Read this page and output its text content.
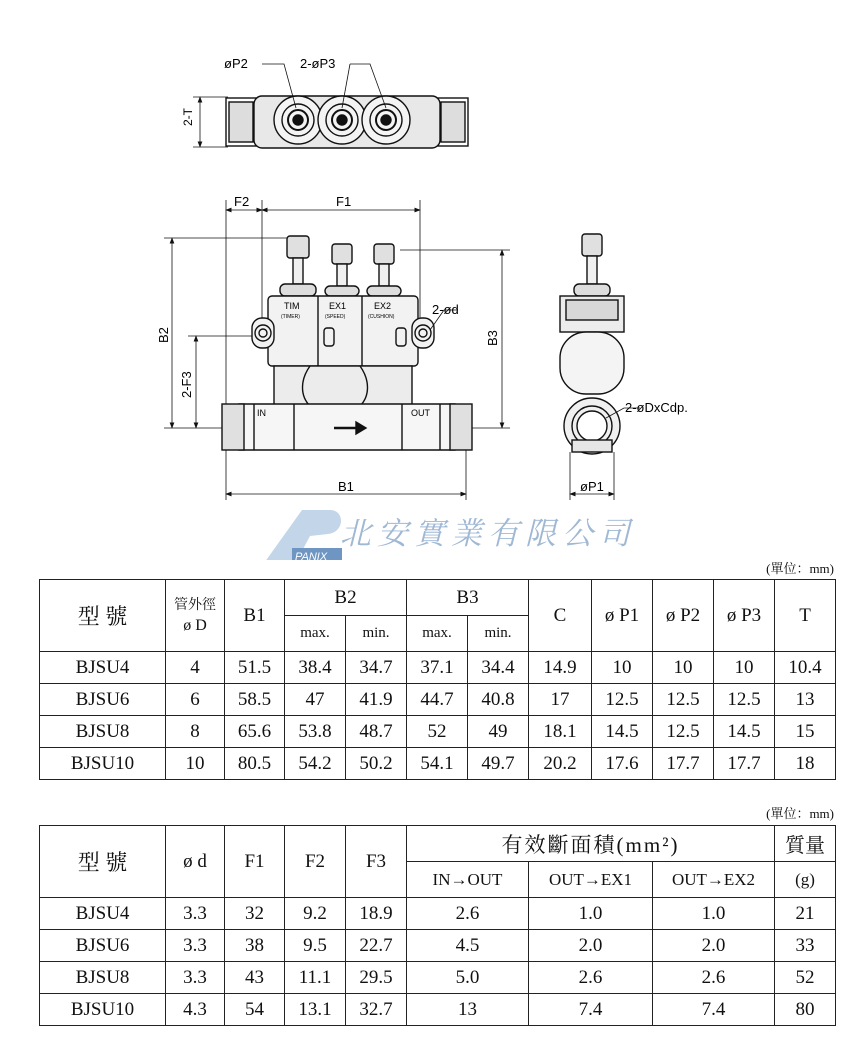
øP2	2-øP3
2-T
F2	F1
B2
2-F3
B3
2-ød
TIM
(TIMER)
EX1
(SPEED)
EX2
(CUSHION)
IN	OUT
B1
2-øDxCdp.
øP1
PANIX
北安實業有限公司
(單位：mm)
型 號	管外徑
ø D	B1	B2		B3		C	ø P1	ø P2	ø P3	T
			max.	min.	max.	min.					
BJSU4	4	51.5	38.4	34.7	37.1	34.4	14.9	10	10	10	10.4
BJSU6	6	58.5	47	41.9	44.7	40.8	17	12.5	12.5	12.5	13
BJSU8	8	65.6	53.8	48.7	52	49	18.1	14.5	12.5	14.5	15
BJSU10	10	80.5	54.2	50.2	54.1	49.7	20.2	17.6	17.7	17.7	18
(單位：mm)
型 號	ø d	F1	F2	F3	有效斷面積(mm²)			質量
					IN→OUT	OUT→EX1	OUT→EX2	(g)
BJSU4	3.3	32	9.2	18.9	2.6	1.0	1.0	21
BJSU6	3.3	38	9.5	22.7	4.5	2.0	2.0	33
BJSU8	3.3	43	11.1	29.5	5.0	2.6	2.6	52
BJSU10	4.3	54	13.1	32.7	13	7.4	7.4	80
